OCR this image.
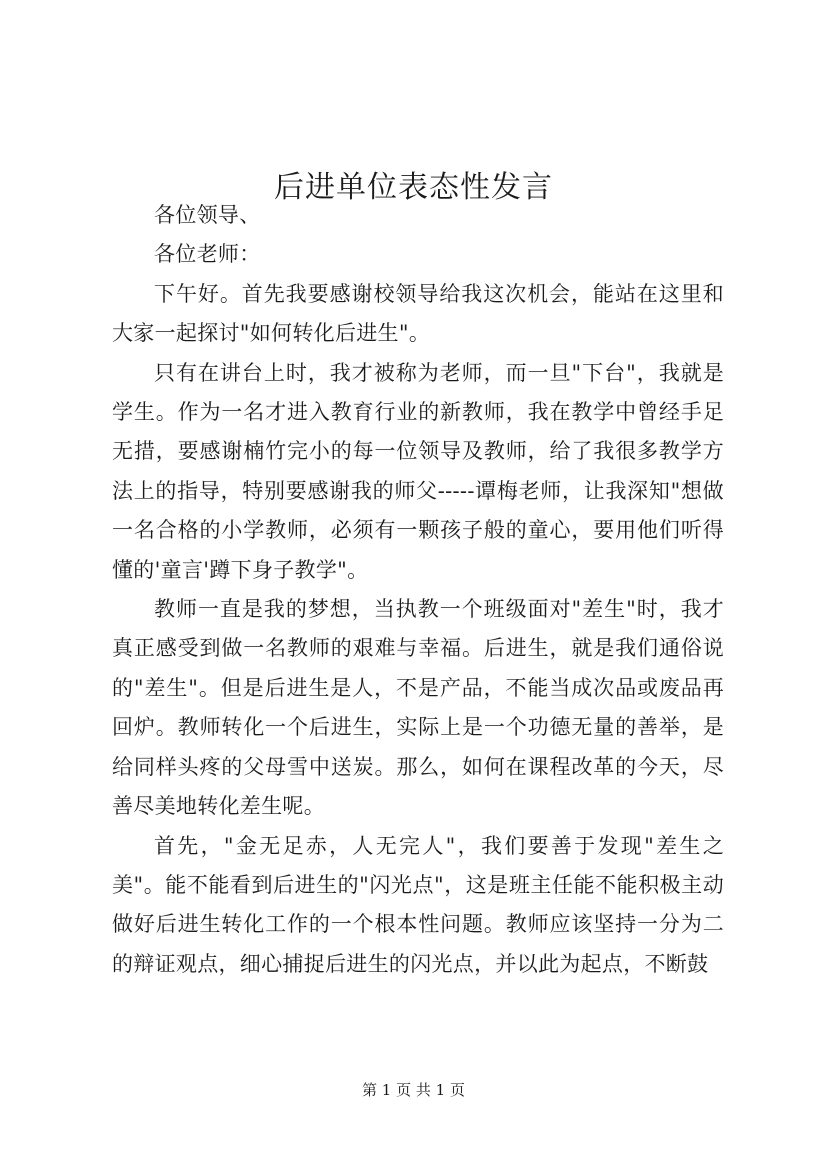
后进单位表态性发言

各位领导、

各位老师：

下午好。首先我要感谢校领导给我这次机会，能站在这里和大家一起探讨"如何转化后进生"。

只有在讲台上时，我才被称为老师，而一旦"下台"，我就是学生。作为一名才进入教育行业的新教师，我在教学中曾经手足无措，要感谢楠竹完小的每一位领导及教师，给了我很多教学方法上的指导，特别要感谢我的师父-----谭梅老师，让我深知"想做一名合格的小学教师，必须有一颗孩子般的童心，要用他们听得懂的'童言'蹲下身子教学"。

教师一直是我的梦想，当执教一个班级面对"差生"时，我才真正感受到做一名教师的艰难与幸福。后进生，就是我们通俗说的"差生"。但是后进生是人，不是产品，不能当成次品或废品再回炉。教师转化一个后进生，实际上是一个功德无量的善举，是给同样头疼的父母雪中送炭。那么，如何在课程改革的今天，尽善尽美地转化差生呢。

首先，"金无足赤，人无完人"，我们要善于发现"差生之美"。能不能看到后进生的"闪光点"，这是班主任能不能积极主动做好后进生转化工作的一个根本性问题。教师应该坚持一分为二的辩证观点，细心捕捉后进生的闪光点，并以此为起点，不断鼓

第 1 页 共 1 页
